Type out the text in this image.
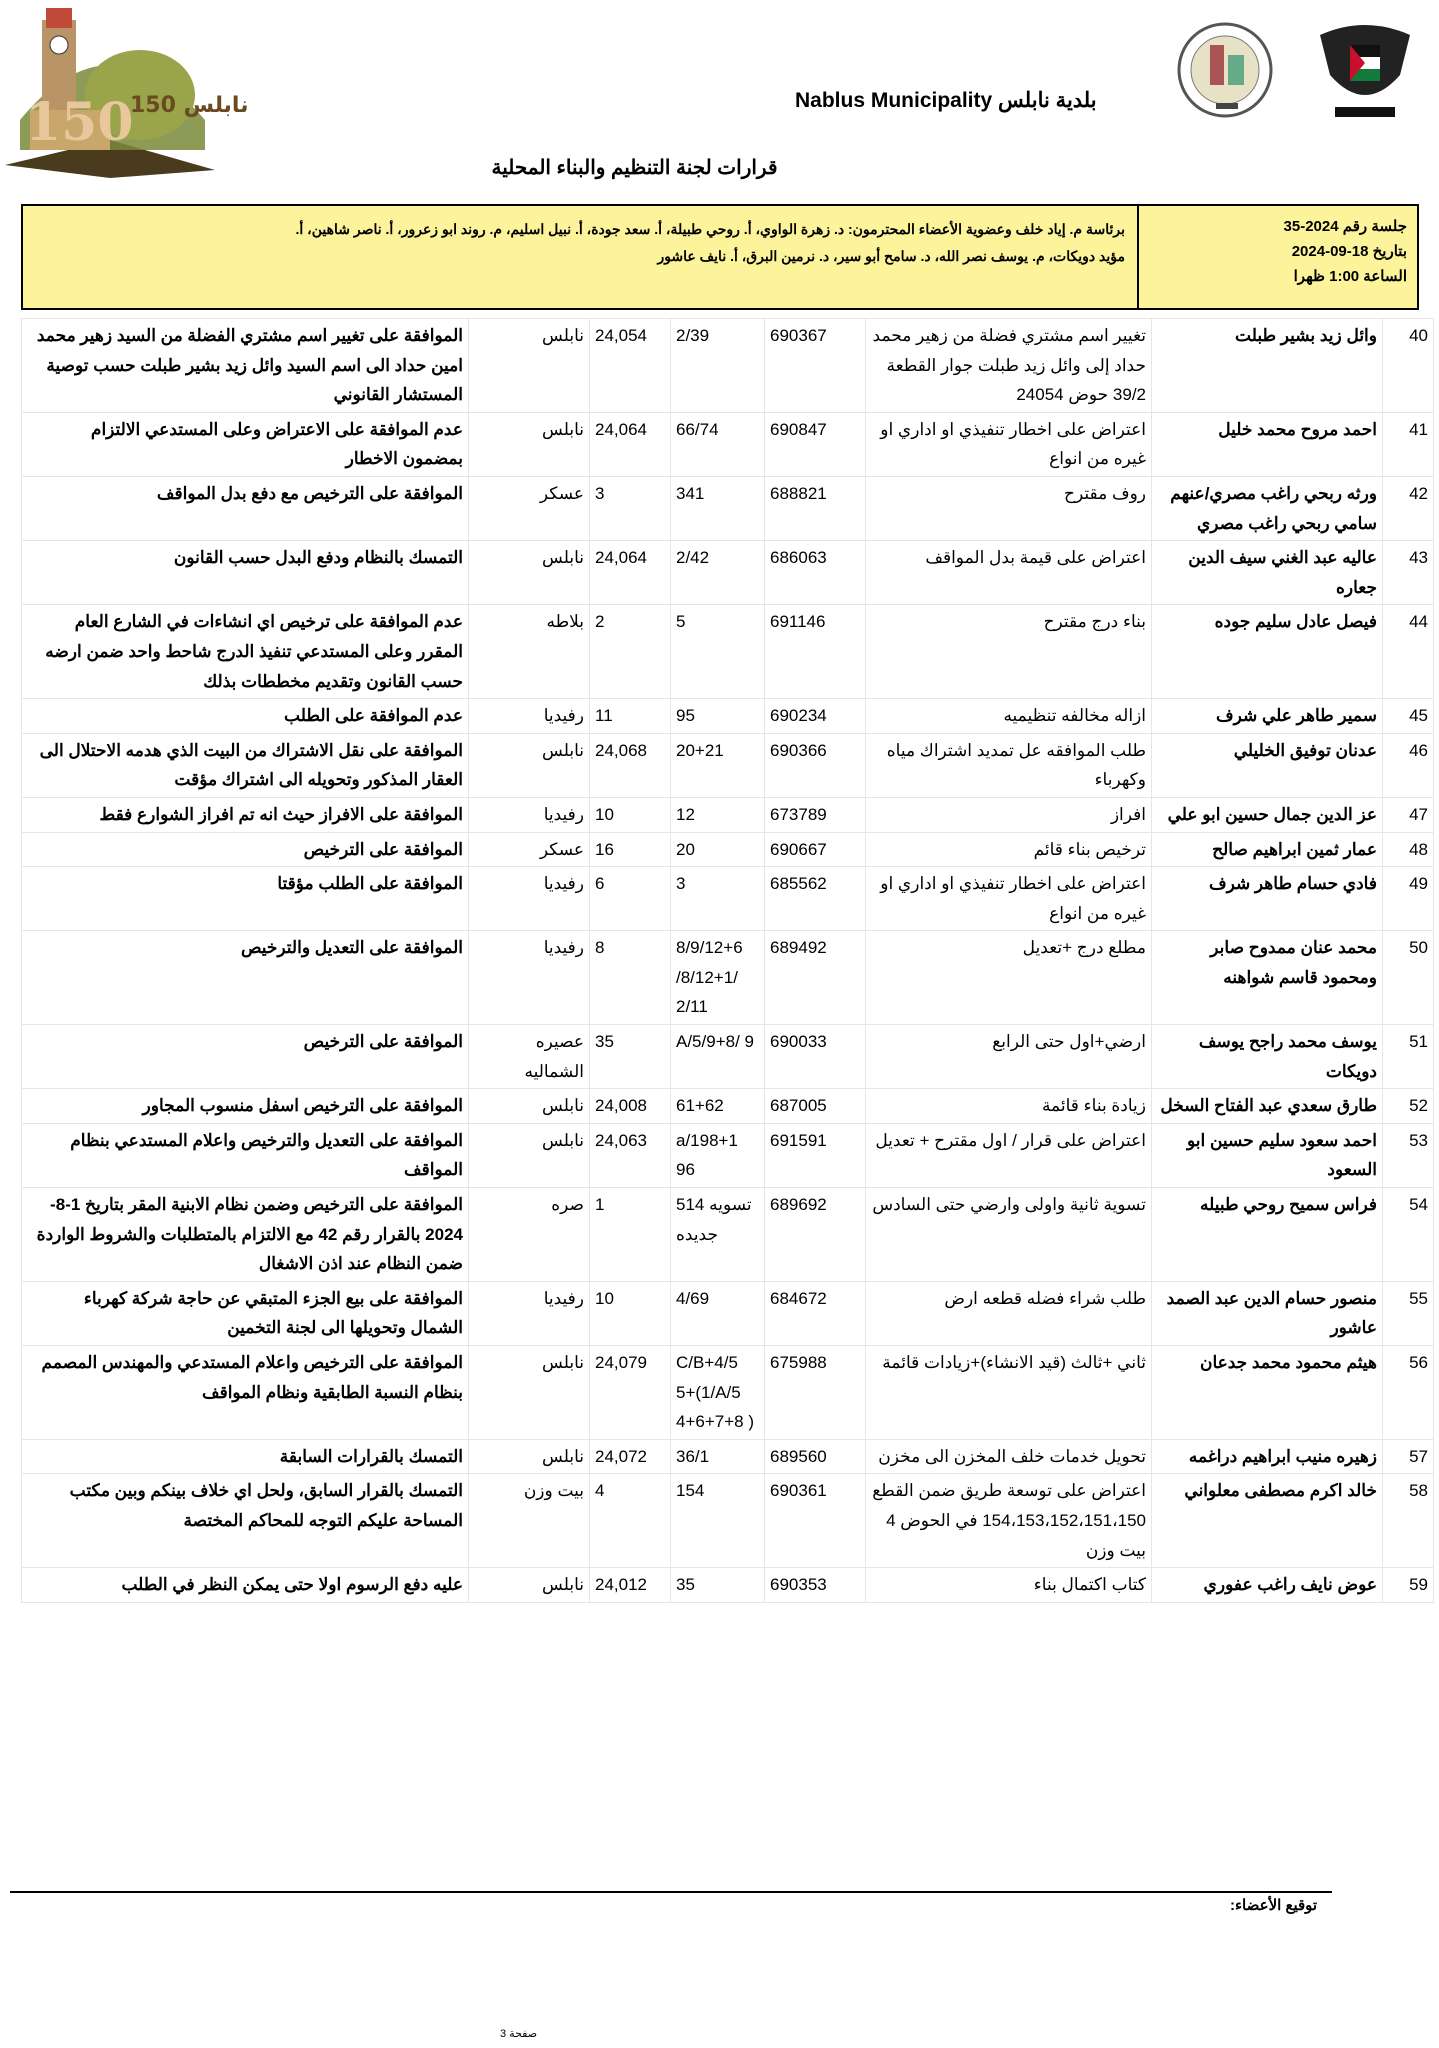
150
150 نابلس	Nablus Municipality بلدية نابلس
قرارات لجنة التنظيم والبناء المحلية
جلسة رقم 2024-35
بتاريخ 18-09-2024
الساعة 1:00 ظهرا
برئاسة م. إياد خلف وعضوية الأعضاء المحترمون: د. زهرة الواوي، أ. روحي طبيلة، أ. سعد جودة، أ. نبيل اسليم، م. روند ابو زعرور، أ. ناصر شاهين، أ.
مؤيد دويكات، م. يوسف نصر الله، د. سامح أبو سير، د. نرمين البرق، أ. نايف عاشور
40	وائل زيد بشير طبلت	تغيير اسم مشتري فضلة من زهير محمد حداد إلى وائل زيد طبلت جوار القطعة 39/2 حوض 24054	690367	2/39	24,054	نابلس	الموافقة على تغيير اسم مشتري الفضلة من السيد زهير محمد امين حداد الى اسم السيد وائل زيد بشير طبلت حسب توصية المستشار القانوني
41	احمد مروح محمد خليل	اعتراض على اخطار تنفيذي او اداري او غيره من انواع	690847	66/74	24,064	نابلس	عدم الموافقة على الاعتراض وعلى المستدعي الالتزام بمضمون الاخطار
42	ورثه ربحي راغب مصري/عنهم سامي ربحي راغب مصري	روف مقترح	688821	341	3	عسكر	الموافقة على الترخيص مع دفع بدل المواقف
43	عاليه عبد الغني سيف الدين جعاره	اعتراض على قيمة بدل المواقف	686063	2/42	24,064	نابلس	التمسك بالنظام ودفع البدل حسب القانون
44	فيصل عادل سليم جوده	بناء درج مقترح	691146	5	2	بلاطه	عدم الموافقة على ترخيص اي انشاءات في الشارع العام المقرر وعلى المستدعي تنفيذ الدرج شاحط واحد ضمن ارضه حسب القانون وتقديم مخططات بذلك
45	سمير طاهر علي شرف	ازاله مخالفه تنظيميه	690234	95	11	رفيديا	عدم الموافقة على الطلب
46	عدنان توفيق الخليلي	طلب الموافقه عل تمديد اشتراك مياه وكهرباء	690366	20+21	24,068	نابلس	الموافقة على نقل الاشتراك من البيت الذي هدمه الاحتلال الى العقار المذكور وتحويله الى اشتراك مؤقت
47	عز الدين جمال حسين ابو علي	افراز	673789	12	10	رفيديا	الموافقة على الافراز حيث انه تم افراز الشوارع فقط
48	عمار ثمين ابراهيم صالح	ترخيص بناء قائم	690667	20	16	عسكر	الموافقة على الترخيص
49	فادي حسام طاهر شرف	اعتراض على اخطار تنفيذي او اداري او غيره من انواع	685562	3	6	رفيديا	الموافقة على الطلب مؤقتا
50	محمد عنان ممدوح صابر ومحمود قاسم شواهنه	مطلع درج +تعديل	689492	8/9/12+6 /8/12+1/ 2/11	8	رفيديا	الموافقة على التعديل والترخيص
51	يوسف محمد راجح يوسف دويكات	ارضي+اول حتى الرابع	690033	A/5/9+8/ 9	35	عصيره الشماليه	الموافقة على الترخيص
52	طارق سعدي عبد الفتاح السخل	زيادة بناء قائمة	687005	61+62	24,008	نابلس	الموافقة على الترخيص اسفل منسوب المجاور
53	احمد سعود سليم حسين ابو السعود	اعتراض على قرار / اول مقترح + تعديل	691591	a/198+1 96	24,063	نابلس	الموافقة على التعديل والترخيص واعلام المستدعي بنظام المواقف
54	فراس سميح روحي طبيله	تسوية ثانية واولى وارضي حتى السادس	689692	514 تسويه جديده	1	صره	الموافقة على الترخيص وضمن نظام الابنية المقر بتاريخ 1-8-2024 بالقرار رقم 42 مع الالتزام بالمتطلبات والشروط الواردة ضمن النظام عند اذن الاشغال
55	منصور حسام الدين عبد الصمد عاشور	طلب شراء فضله قطعه ارض	684672	4/69	10	رفيديا	الموافقة على بيع الجزء المتبقي عن حاجة شركة كهرباء الشمال وتحويلها الى لجنة التخمين
56	هيثم محمود محمد جدعان	ثاني +ثالث (قيد الانشاء)+زيادات قائمة	675988	C/B+4/5 5+(1/A/5 4+6+7+8 )	24,079	نابلس	الموافقة على الترخيص واعلام المستدعي والمهندس المصمم بنظام النسبة الطابقية ونظام المواقف
57	زهيره منيب ابراهيم دراغمه	تحويل خدمات خلف المخزن الى مخزن	689560	36/1	24,072	نابلس	التمسك بالقرارات السابقة
58	خالد اكرم مصطفى معلواني	اعتراض على توسعة طريق ضمن القطع 154،153،152،151،150 في الحوض 4 بيت وزن	690361	154	4	بيت وزن	التمسك بالقرار السابق، ولحل اي خلاف بينكم وبين مكتب المساحة عليكم التوجه للمحاكم المختصة
59	عوض نايف راغب عفوري	كتاب اكتمال بناء	690353	35	24,012	نابلس	عليه دفع الرسوم اولا حتى يمكن النظر في الطلب
توقيع الأعضاء:
صفحة 3
